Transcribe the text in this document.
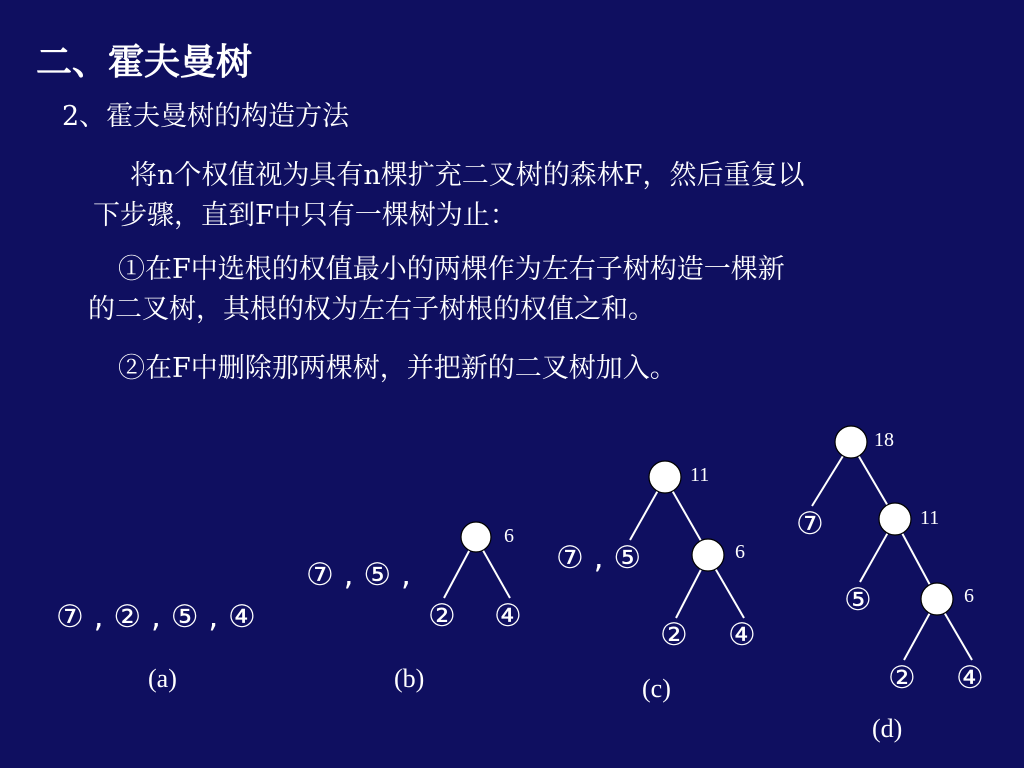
二、霍夫曼树
2、霍夫曼树的构造方法
将n个权值视为具有n棵扩充二叉树的森林F，然后重复以
下步骤，直到F中只有一棵树为止：
①在F中选根的权值最小的两棵作为左右子树构造一棵新
的二叉树，其根的权为左右子树根的权值之和。
②在F中删除那两棵树，并把新的二叉树加入。
⑦ , ② , ⑤ , ④
(a)
⑦ , ⑤ ,
6
② ④
(b)
⑦ , ⑤
11
6
② ④
(c)
18
⑦	11
⑤	6
② ④
(d)
